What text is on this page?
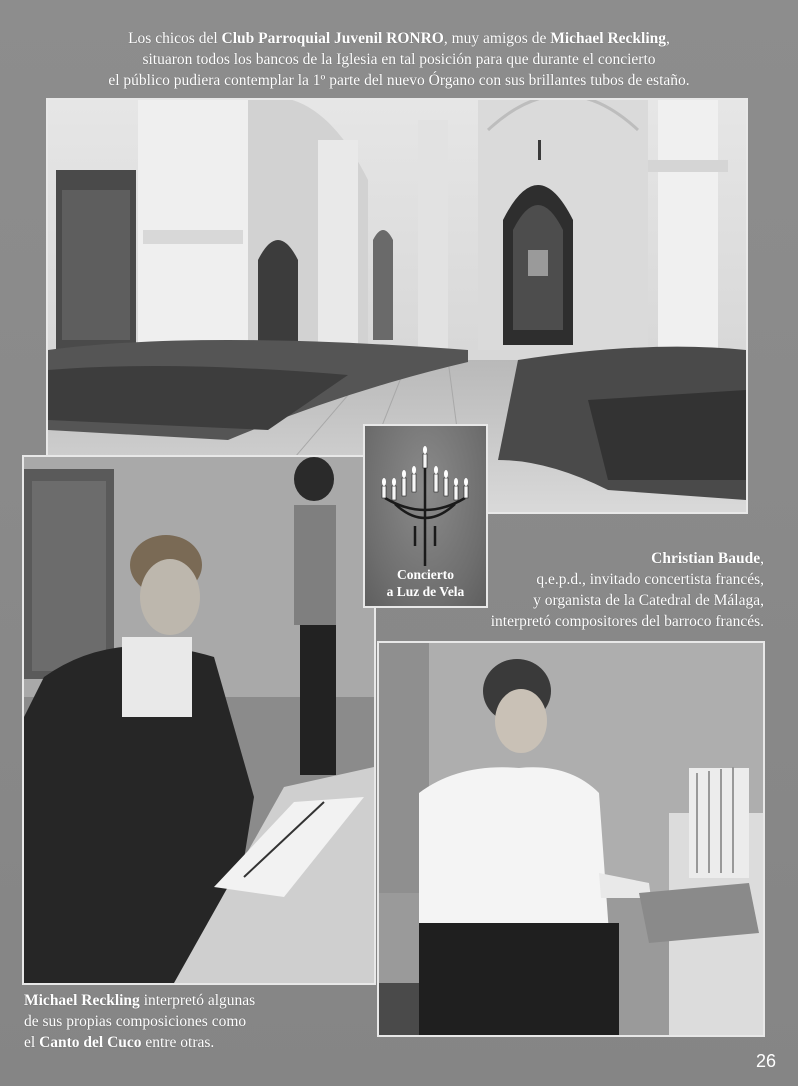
Los chicos del Club Parroquial Juvenil RONRO, muy amigos de Michael Reckling,
situaron todos los bancos de la Iglesia en tal posición para que durante el concierto
el público pudiera contemplar la 1º parte del nuevo Órgano con sus brillantes tubos de estaño.
Concierto
a Luz de Vela
Christian Baude,
q.e.p.d., invitado concertista francés,
y organista de la Catedral de Málaga,
interpretó compositores del barroco francés.
Michael Reckling interpretó algunas
de sus propias composiciones como
el Canto del Cuco entre otras.
26
